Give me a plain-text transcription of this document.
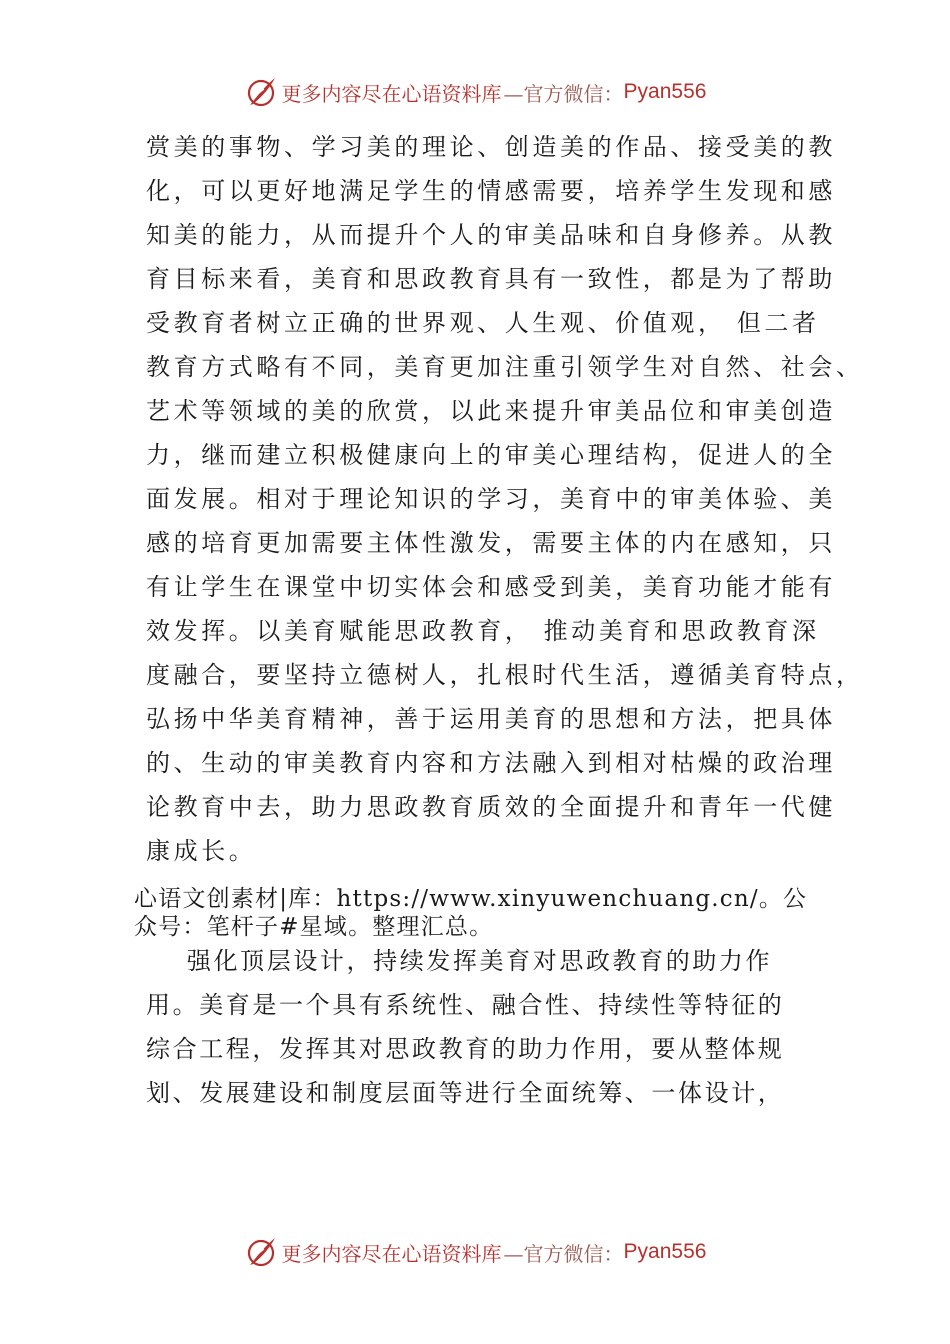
更多内容尽在心语资料库 —官方微信： Pyan556
赏美的事物、学习美的理论、创造美的作品、接受美的教
化，可以更好地满足学生的情感需要，培养学生发现和感
知美的能力，从而提升个人的审美品味和自身修养。从教
育目标来看，美育和思政教育具有一致性，都是为了帮助
受教育者树立正确的世界观、人生观、价值观， 但二者
教育方式略有不同，美育更加注重引领学生对自然、社会、
艺术等领域的美的欣赏，以此来提升审美品位和审美创造
力，继而建立积极健康向上的审美心理结构，促进人的全
面发展。相对于理论知识的学习，美育中的审美体验、美
感的培育更加需要主体性激发，需要主体的内在感知，只
有让学生在课堂中切实体会和感受到美，美育功能才能有
效发挥。以美育赋能思政教育， 推动美育和思政教育深
度融合，要坚持立德树人，扎根时代生活，遵循美育特点，
弘扬中华美育精神，善于运用美育的思想和方法，把具体
的、生动的审美教育内容和方法融入到相对枯燥的政治理
论教育中去，助力思政教育质效的全面提升和青年一代健
康成长。
心语文创素材|库：https://www.xinyuwenchuang.cn/。公
众号：笔杆子#星域。整理汇总。
强化顶层设计，持续发挥美育对思政教育的助力作
用。美育是一个具有系统性、融合性、持续性等特征的
综合工程，发挥其对思政教育的助力作用，要从整体规
划、发展建设和制度层面等进行全面统筹、一体设计，
更多内容尽在心语资料库 —官方微信： Pyan556
